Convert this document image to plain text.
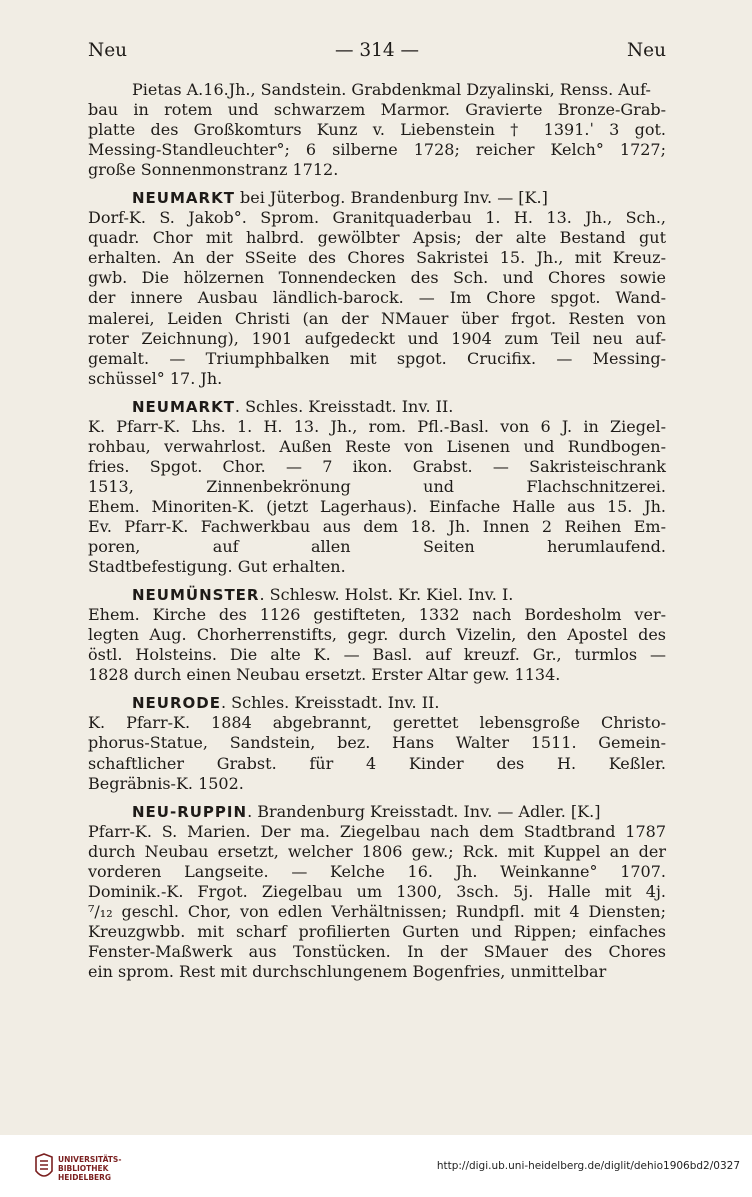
Neu	— 314 —	Neu
Pietas A.16.Jh., Sandstein. Grabdenkmal Dzyalinski, Renss. Auf-
bau in rotem und schwarzem Marmor. Gravierte Bronze-Grab-
platte des Großkomturs Kunz v. Liebenstein † 1391.ˈ 3 got.
Messing-Standleuchter°; 6 silberne 1728; reicher Kelch° 1727;
große Sonnenmonstranz 1712.
NEUMARKT bei Jüterbog. Brandenburg Inv. — [K.]
Dorf-K. S. Jakob°. Sprom. Granitquaderbau 1. H. 13. Jh., Sch.,
quadr. Chor mit halbrd. gewölbter Apsis; der alte Bestand gut
erhalten. An der SSeite des Chores Sakristei 15. Jh., mit Kreuz-
gwb. Die hölzernen Tonnendecken des Sch. und Chores sowie
der innere Ausbau ländlich-barock. — Im Chore spgot. Wand-
malerei, Leiden Christi (an der NMauer über frgot. Resten von
roter Zeichnung), 1901 aufgedeckt und 1904 zum Teil neu auf-
gemalt. — Triumphbalken mit spgot. Crucifix. — Messing-
schüssel° 17. Jh.
NEUMARKT. Schles. Kreisstadt. Inv. II.
K. Pfarr-K. Lhs. 1. H. 13. Jh., rom. Pfl.-Basl. von 6 J. in Ziegel-
rohbau, verwahrlost. Außen Reste von Lisenen und Rundbogen-
fries. Spgot. Chor. — 7 ikon. Grabst. — Sakristeischrank
1513, Zinnenbekrönung und Flachschnitzerei.
Ehem. Minoriten-K. (jetzt Lagerhaus). Einfache Halle aus 15. Jh.
Ev. Pfarr-K. Fachwerkbau aus dem 18. Jh. Innen 2 Reihen Em-
poren, auf allen Seiten herumlaufend.
Stadtbefestigung. Gut erhalten.
NEUMÜNSTER. Schlesw. Holst. Kr. Kiel. Inv. I.
Ehem. Kirche des 1126 gestifteten, 1332 nach Bordesholm ver-
legten Aug. Chorherrenstifts, gegr. durch Vizelin, den Apostel des
östl. Holsteins. Die alte K. — Basl. auf kreuzf. Gr., turmlos —
1828 durch einen Neubau ersetzt. Erster Altar gew. 1134.
NEURODE. Schles. Kreisstadt. Inv. II.
K. Pfarr-K. 1884 abgebrannt, gerettet lebensgroße Christo-
phorus-Statue, Sandstein, bez. Hans Walter 1511. Gemein-
schaftlicher Grabst. für 4 Kinder des H. Keßler.
Begräbnis-K. 1502.
NEU-RUPPIN. Brandenburg Kreisstadt. Inv. — Adler. [K.]
Pfarr-K. S. Marien. Der ma. Ziegelbau nach dem Stadtbrand 1787
durch Neubau ersetzt, welcher 1806 gew.; Rck. mit Kuppel an der
vorderen Langseite. — Kelche 16. Jh. Weinkanne° 1707.
Dominik.-K. Frgot. Ziegelbau um 1300, 3sch. 5j. Halle mit 4j.
⁷/₁₂ geschl. Chor, von edlen Verhältnissen; Rundpfl. mit 4 Diensten;
Kreuzgwbb. mit scharf profilierten Gurten und Rippen; einfaches
Fenster-Maßwerk aus Tonstücken. In der SMauer des Chores
ein sprom. Rest mit durchschlungenem Bogenfries, unmittelbar
UNIVERSITÄTS-
BIBLIOTHEK
HEIDELBERG
http://digi.ub.uni-heidelberg.de/diglit/dehio1906bd2/0327
